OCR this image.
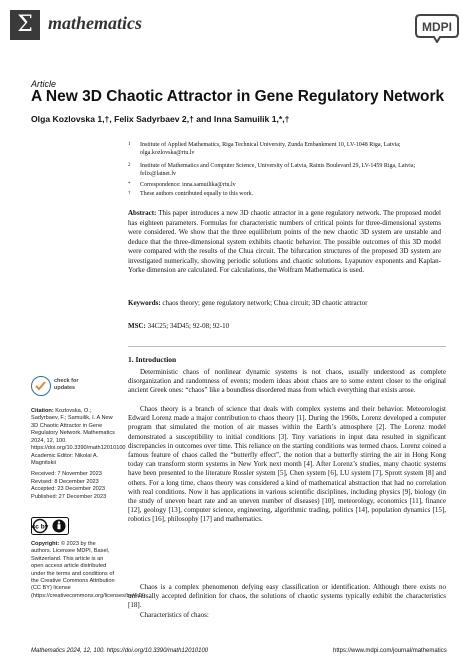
Σ mathematics	MDPI
Article
A New 3D Chaotic Attractor in Gene Regulatory Network
Olga Kozlovska 1,†, Felix Sadyrbaev 2,† and Inna Samuilik 1,*,†
1 Institute of Applied Mathematics, Riga Technical University, Zunda Embankment 10, LV-1048 Riga, Latvia; olga.kozlovska@rtu.lv
2 Institute of Mathematics and Computer Science, University of Latvia, Rainis Boulevard 29, LV-1459 Riga, Latvia; felix@latnet.lv
* Correspondence: inna.samuilika@rtu.lv
† These authors contributed equally to this work.
Abstract: This paper introduces a new 3D chaotic attractor in a gene regulatory network. The proposed model has eighteen parameters. Formulas for characteristic numbers of critical points for three-dimensional systems were considered. We show that the three equilibrium points of the new chaotic 3D system are unstable and deduce that the three-dimensional system exhibits chaotic behavior. The possible outcomes of this 3D model were compared with the results of the Chua circuit. The bifurcation structures of the proposed 3D system are investigated numerically, showing periodic solutions and chaotic solutions. Lyapunov exponents and Kaplan-Yorke dimension are calculated. For calculations, the Wolfram Mathematica is used.
Keywords: chaos theory; gene regulatory network; Chua circuit; 3D chaotic attractor
MSC: 34C25; 34D45; 92-08; 92-10
1. Introduction
Deterministic chaos of nonlinear dynamic systems is not chaos, usually understood as complete disorganization and randomness of events; modern ideas about chaos are to some extent closer to the original ancient Greek ones: “chaos” like a boundless disordered mass from which everything that exists arose.
Chaos theory is a branch of science that deals with complex systems and their behavior. Meteorologist Edward Lorenz made a major contribution to chaos theory [1]. During the 1960s, Lorenz developed a computer program that simulated the motion of air masses within the Earth’s atmosphere [2]. The Lorenz model demonstrated a susceptibility to initial conditions [3]. Tiny variations in input data resulted in significant discrepancies in outcomes over time. This reliance on the starting conditions was termed chaos. Lorenz coined a famous feature of chaos called the “butterfly effect”, the notion that a butterfly stirring the air in Hong Kong today can transform storm systems in New York next month [4]. After Lorenz’s studies, many chaotic systems have been presented to the literature Rossler system [5], Chen system [6], LU system [7], Sprott system [8] and others. For a long time, chaos theory was considered a kind of mathematical abstraction that had no correlation with real conditions. Now it has applications in various scientific disciplines, including physics [9], biology (in the study of uneven heart rate and an uneven number of diseases) [10], meteorology, economics [11], finance [12], geology [13], computer science, engineering, algorithmic trading, politics [14], population dynamics [15], robotics [16], philosophy [17] and mathematics.
Chaos is a complex phenomenon defying easy classification or identification. Although there exists no universally accepted definition for chaos, the solutions of chaotic systems typically exhibit the characteristics [18].
Characteristics of chaos:
check for
updates
Citation: Kozlovska, O.; Sadyrbaev, F.; Samuilik, I. A New 3D Chaotic Attractor in Gene Regulatory Network. Mathematics 2024, 12, 100. https://doi.org/10.3390/math12010100
Academic Editor: Nikolai A. Magnitskii
Received: 7 November 2023
Revised: 8 December 2023
Accepted: 23 December 2023
Published: 27 December 2023
cc by
Copyright: © 2023 by the authors. Licensee MDPI, Basel, Switzerland. This article is an open access article distributed under the terms and conditions of the Creative Commons Attribution (CC BY) license (https://creativecommons.org/licenses/by/4.0/).
Mathematics 2024, 12, 100. https://doi.org/10.3390/math12010100	https://www.mdpi.com/journal/mathematics
